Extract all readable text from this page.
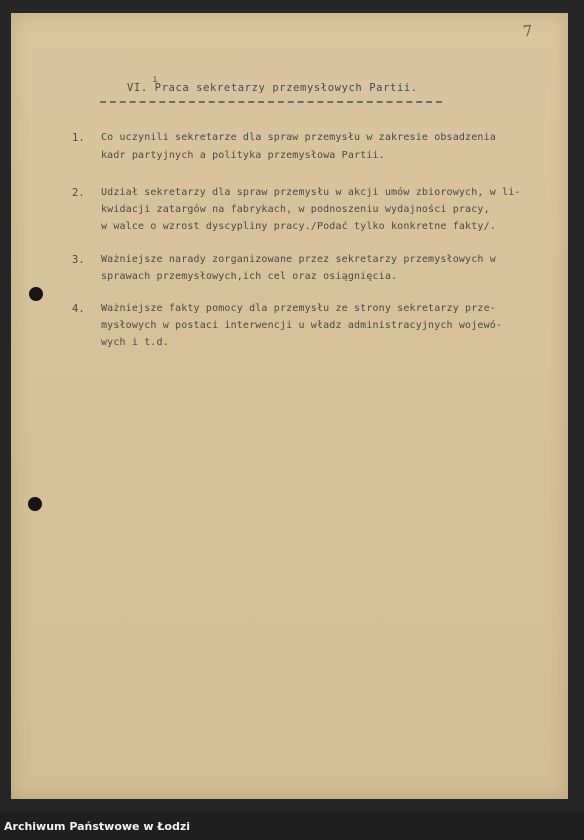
7
ı
VI. Praca sekretarzy przemysłowych Partii.
1. Co uczynili sekretarze dla spraw przemysłu w zakresie obsadzenia
kadr partyjnych a polityka przemysłowa Partii.
2. Udział sekretarzy dla spraw przemysłu w akcji umów zbiorowych, w li-
kwidacji zatargów na fabrykach, w podnoszeniu wydajności pracy,
w walce o wzrost dyscypliny pracy./Podać tylko konkretne fakty/.
3. Ważniejsze narady zorganizowane przez sekretarzy przemysłowych w
sprawach przemysłowych,ich cel oraz osiągnięcia.
4. Ważniejsze fakty pomocy dla przemysłu ze strony sekretarzy prze-
mysłowych w postaci interwencji u władz administracyjnych wojewó-
wych i t.d.
Archiwum Państwowe w Łodzi
